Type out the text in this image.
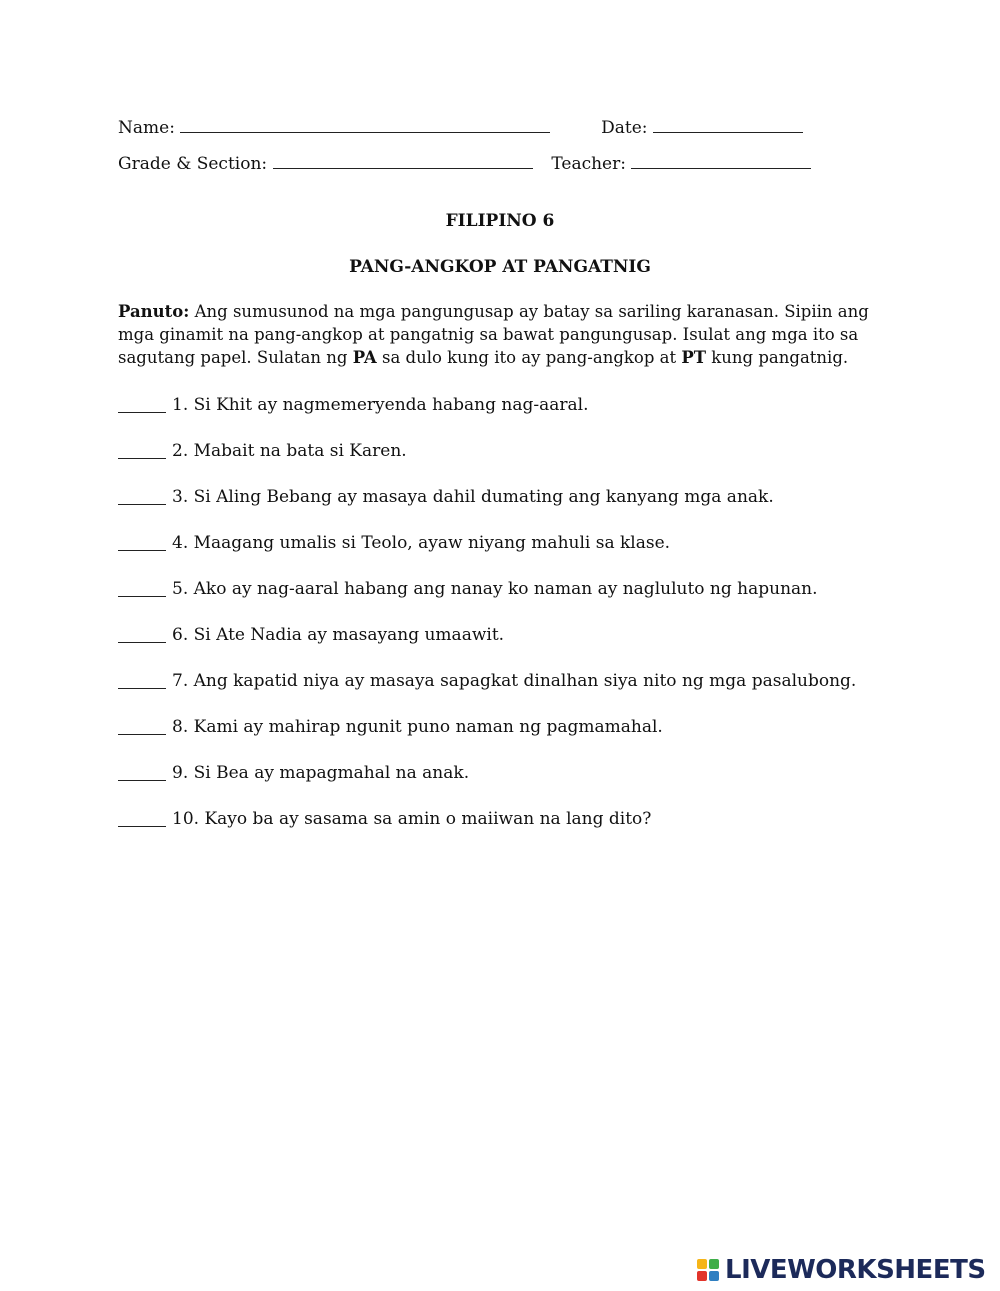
Name:	Date:
Grade & Section:	Teacher:
FILIPINO 6
PANG-ANGKOP AT PANGATNIG
Panuto: Ang sumusunod na mga pangungusap ay batay sa sariling karanasan. Sipiin ang mga ginamit na pang-angkop at pangatnig sa bawat pangungusap. Isulat ang mga ito sa sagutang papel. Sulatan ng PA sa dulo kung ito ay pang-angkop at PT kung pangatnig.
1. Si Khit ay nagmemeryenda habang nag-aaral.
2. Mabait na bata si Karen.
3. Si Aling Bebang ay masaya dahil dumating ang kanyang mga anak.
4. Maagang umalis si Teolo, ayaw niyang mahuli sa klase.
5. Ako ay nag-aaral habang ang nanay ko naman ay nagluluto ng hapunan.
6. Si Ate Nadia ay masayang umaawit.
7. Ang kapatid niya ay masaya sapagkat dinalhan siya nito ng mga pasalubong.
8. Kami ay mahirap ngunit puno naman ng pagmamahal.
9. Si Bea ay mapagmahal na anak.
10. Kayo ba ay sasama sa amin o maiiwan na lang dito?
LIVEWORKSHEETS
